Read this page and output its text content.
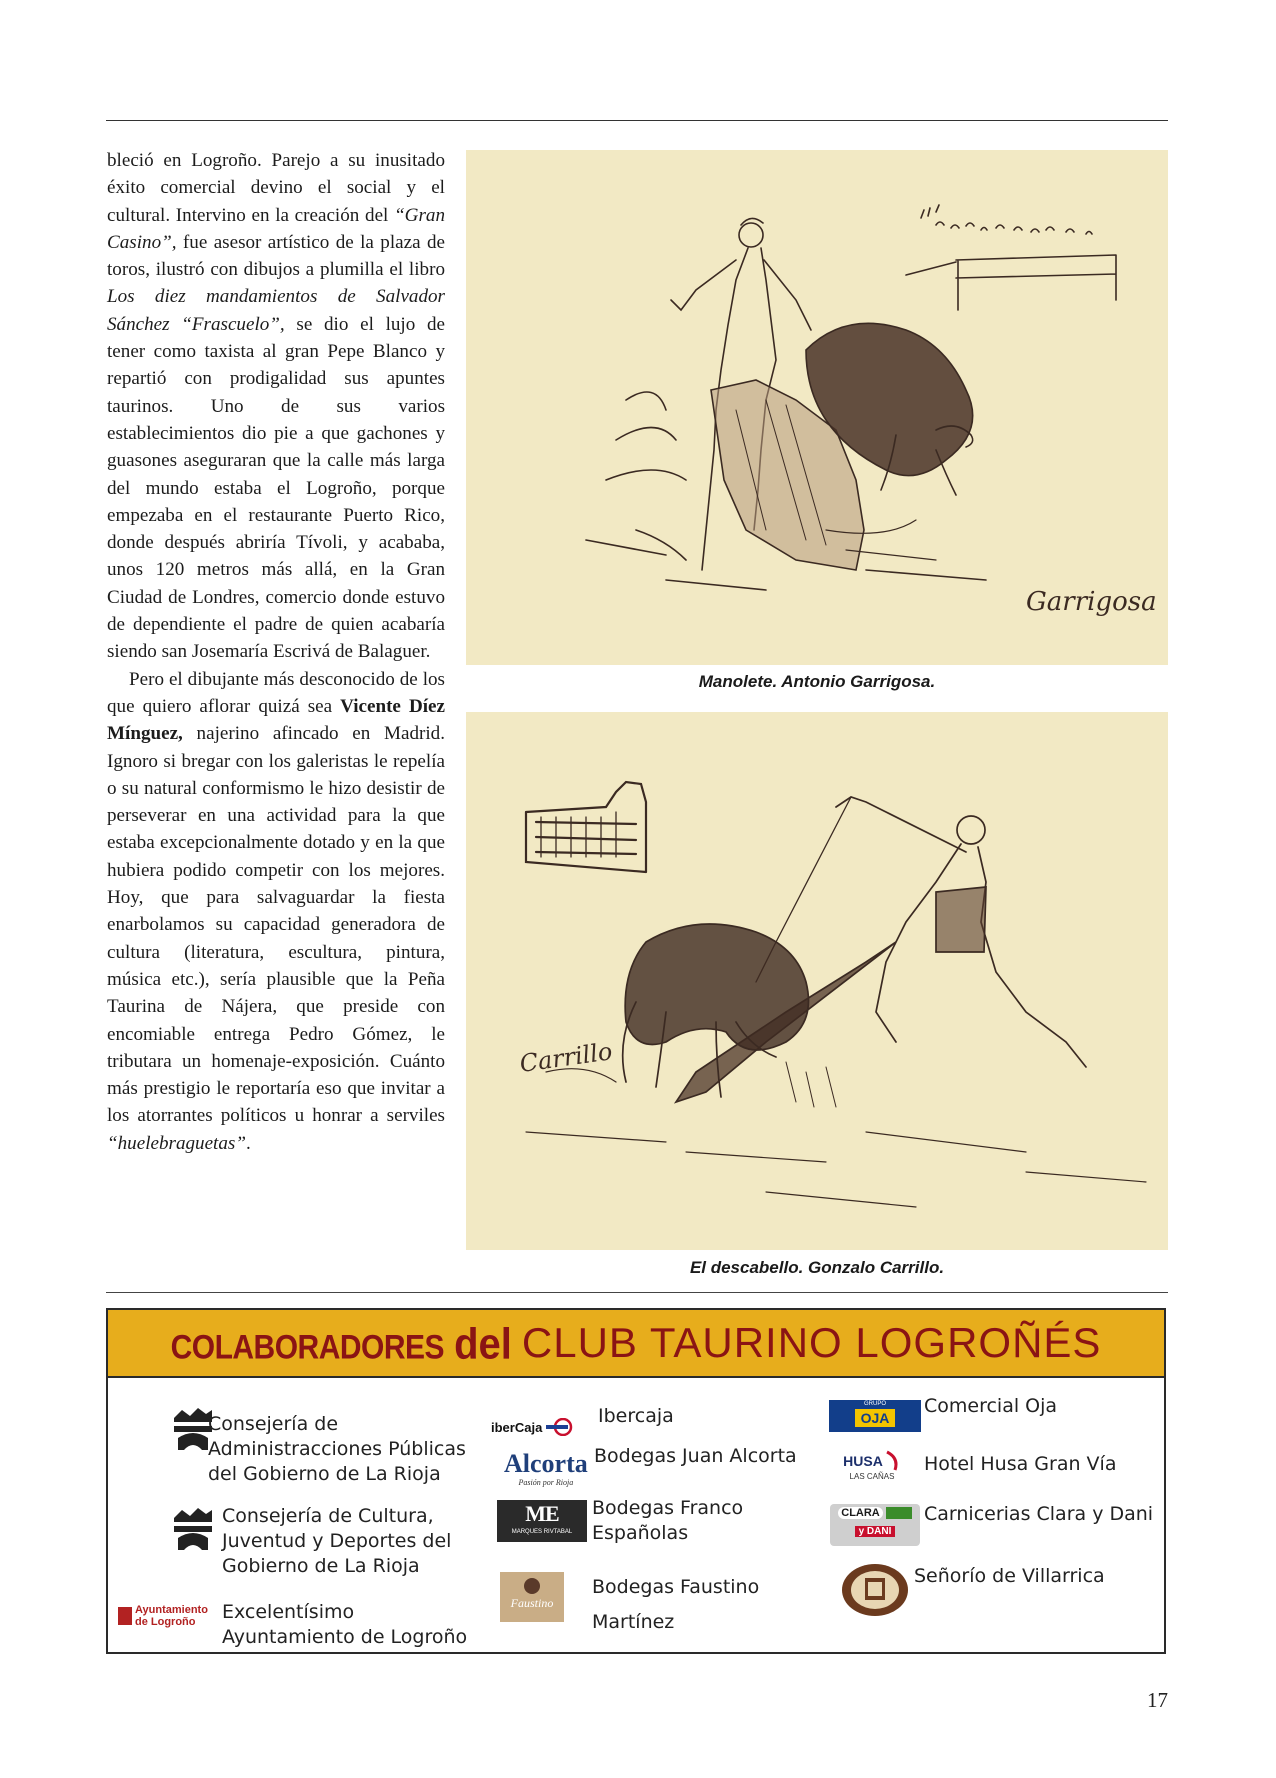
bleció en Logroño. Parejo a su inusitado éxito comercial devino el social y el cultural. Intervino en la creación del “Gran Casino”, fue asesor artístico de la plaza de toros, ilustró con dibujos a plumilla el libro Los diez mandamientos de Salvador Sánchez “Frascuelo”, se dio el lujo de tener como taxista al gran Pepe Blanco y repartió con prodigalidad sus apuntes taurinos. Uno de sus varios establecimientos dio pie a que gachones y guasones aseguraran que la calle más larga del mundo estaba el Logroño, porque empezaba en el restaurante Puerto Rico, donde después abriría Tívoli, y acababa, unos 120 metros más allá, en la Gran Ciudad de Londres, comercio donde estuvo de dependiente el padre de quien acabaría siendo san Josemaría Escrivá de Balaguer.

Pero el dibujante más desconocido de los que quiero aflorar quizá sea Vicente Díez Mínguez, najerino afincado en Madrid. Ignoro si bregar con los galeristas le repelía o su natural conformismo le hizo desistir de perseverar en una actividad para la que estaba excepcionalmente dotado y en la que hubiera podido competir con los mejores. Hoy, que para salvaguardar la fiesta enarbolamos su capacidad generadora de cultura (literatura, escultura, pintura, música etc.), sería plausible que la Peña Taurina de Nájera, que preside con encomiable entrega Pedro Gómez, le tributara un homenaje-exposición. Cuánto más prestigio le reportaría eso que invitar a los atorrantes políticos u honrar a serviles “huelebraguetas”.

Garrigosa
Manolete. Antonio Garrigosa.
Carrillo
El descabello. Gonzalo Carrillo.
COLABORADORES del CLUB TAURINO LOGROÑÉS
Consejería de
Administracciones Públicas
del Gobierno de La Rioja
Consejería de Cultura,
Juventud y Deportes del
Gobierno de La Rioja
Ayuntamiento
de Logroño	Excelentísimo
Ayuntamiento de Logroño
iberCaja	Ibercaja
Alcorta
Pasión por Rioja
Bodegas Juan Alcorta
ME
MARQUES RIVTABAL
Bodegas Franco
Españolas
Faustino
Bodegas Faustino
Martínez
GRUPO
OJA
Comercial Oja
HUSA
LAS CAÑAS
Hotel Husa Gran Vía
CLARA
y DANI
Carnicerias Clara y Dani
Señorío de Villarrica
17
